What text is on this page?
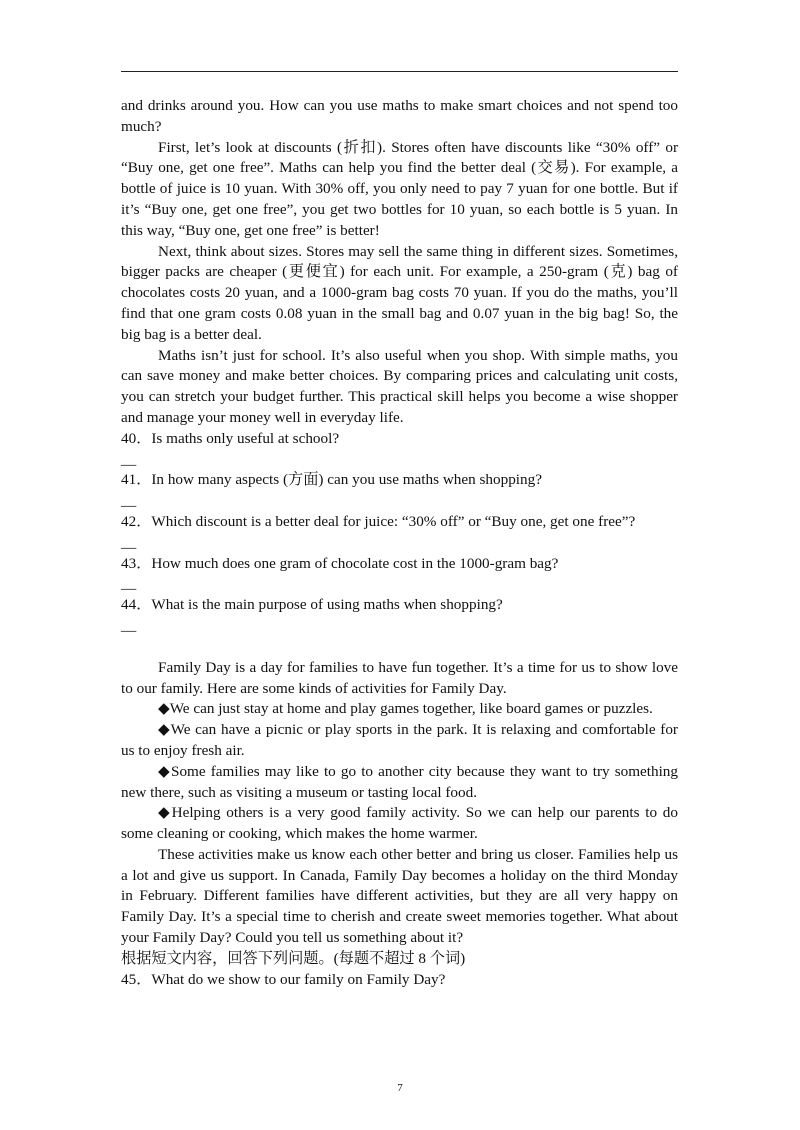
and drinks around you. How can you use maths to make smart choices and not spend too much?

First, let’s look at discounts (折扣). Stores often have discounts like “30% off” or “Buy one, get one free”. Maths can help you find the better deal (交易). For example, a bottle of juice is 10 yuan. With 30% off, you only need to pay 7 yuan for one bottle. But if it’s “Buy one, get one free”, you get two bottles for 10 yuan, so each bottle is 5 yuan. In this way, “Buy one, get one free” is better!

Next, think about sizes. Stores may sell the same thing in different sizes. Sometimes, bigger packs are cheaper (更便宜) for each unit. For example, a 250-gram (克) bag of chocolates costs 20 yuan, and a 1000-gram bag costs 70 yuan. If you do the maths, you’ll find that one gram costs 0.08 yuan in the small bag and 0.07 yuan in the big bag! So, the big bag is a better deal.

Maths isn’t just for school. It’s also useful when you shop. With simple maths, you can save money and make better choices. By comparing prices and calculating unit costs, you can stretch your budget further. This practical skill helps you become a wise shopper and manage your money well in everyday life.

40． Is maths only useful at school?
__
41． In how many aspects (方面) can you use maths when shopping?
__
42． Which discount is a better deal for juice: “30% off” or “Buy one, get one free”?
__
43． How much does one gram of chocolate cost in the 1000-gram bag?
__
44． What is the main purpose of using maths when shopping?
__

Family Day is a day for families to have fun together. It’s a time for us to show love to our family. Here are some kinds of activities for Family Day.

◆We can just stay at home and play games together, like board games or puzzles.

◆We can have a picnic or play sports in the park. It is relaxing and comfortable for us to enjoy fresh air.

◆Some families may like to go to another city because they want to try something new there, such as visiting a museum or tasting local food.

◆Helping others is a very good family activity. So we can help our parents to do some cleaning or cooking, which makes the home warmer.

These activities make us know each other better and bring us closer. Families help us a lot and give us support. In Canada, Family Day becomes a holiday on the third Monday in February. Different families have different activities, but they are all very happy on Family Day. It’s a special time to cherish and create sweet memories together. What about your Family Day? Could you tell us something about it?

根据短文内容，回答下列问题。(每题不超过 8 个词)

45． What do we show to our family on Family Day?
7
